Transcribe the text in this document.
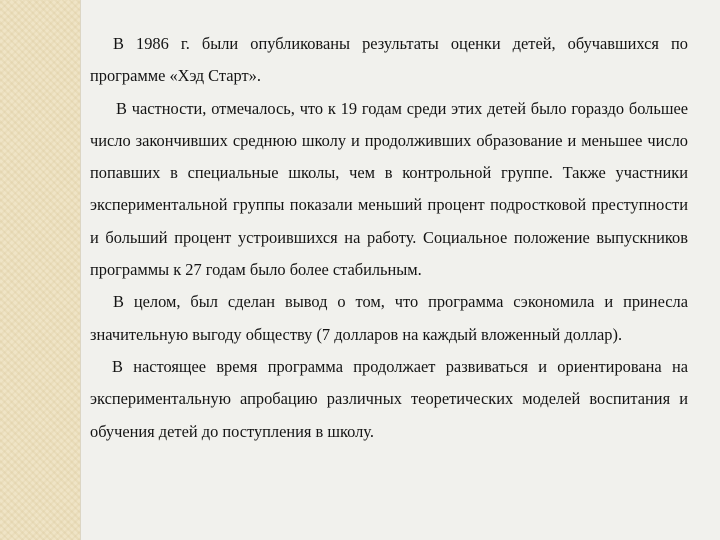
В 1986 г. были опубликованы результаты оценки детей, обучавшихся по программе «Хэд Старт».

В частности, отмечалось, что к 19 годам среди этих детей было гораздо большее число закончивших среднюю школу и продолживших образование и меньшее число попавших в специальные школы, чем в контрольной группе. Также участники экспериментальной группы показали меньший процент подростковой преступности и больший процент устроившихся на работу. Социальное положение выпускников программы к 27 годам было более стабильным.

В целом, был сделан вывод о том, что программа сэкономила и принесла значительную выгоду обществу (7 долларов на каждый вложенный доллар).

В настоящее время программа продолжает развиваться и ориентирована на экспериментальную апробацию различных теоретических моделей воспитания и обучения детей до поступления в школу.
